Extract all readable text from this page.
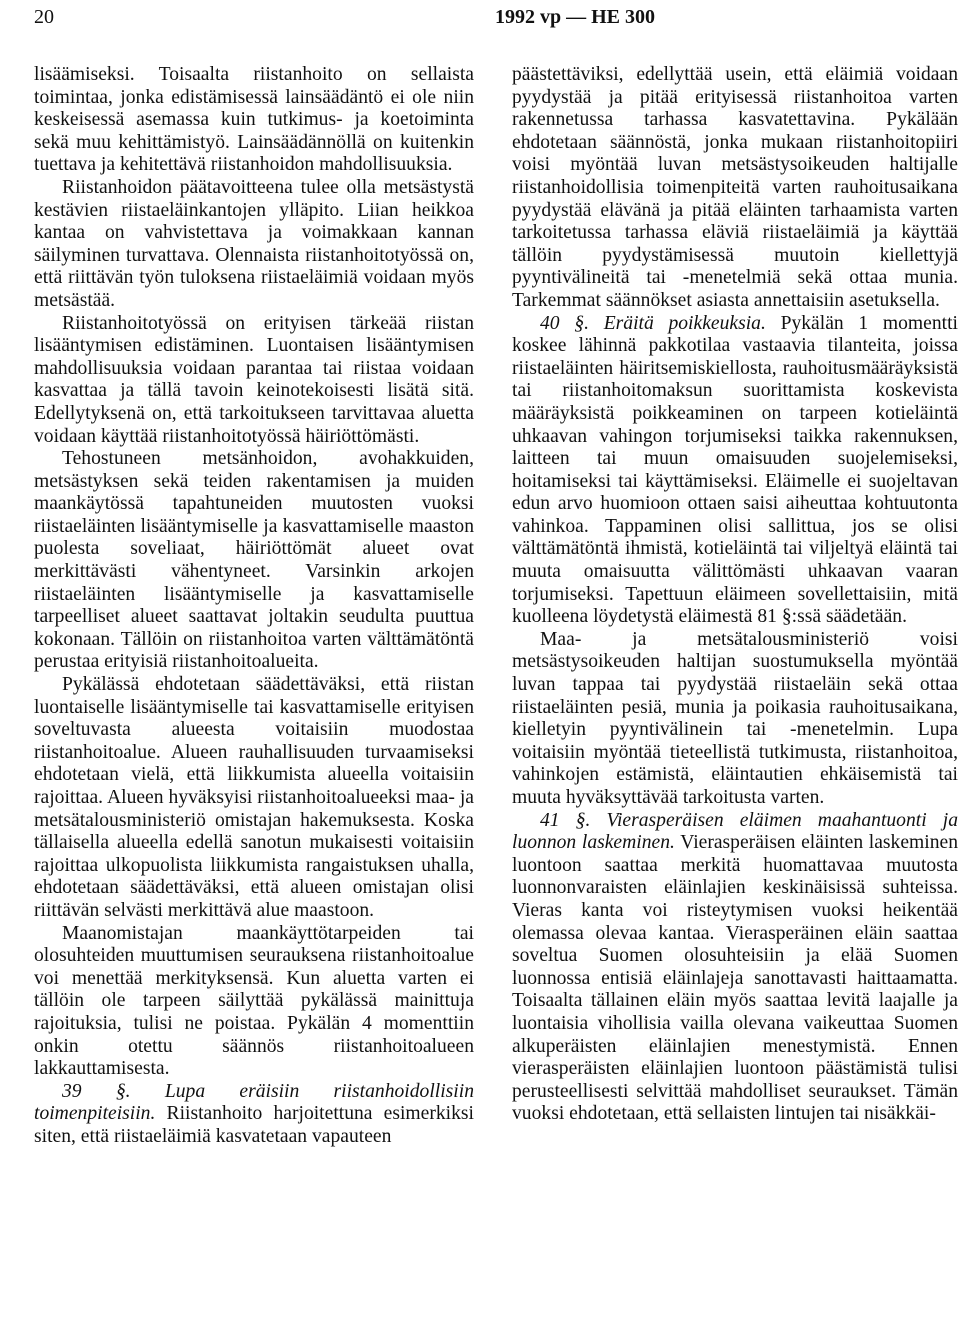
20	1992 vp — HE 300

lisäämiseksi. Toisaalta riistanhoito on sellaista toimintaa, jonka edistämisessä lainsäädäntö ei ole niin keskeisessä asemassa kuin tutkimus- ja koetoiminta sekä muu kehittämistyö. Lainsäädännöllä on kuitenkin tuettava ja kehitettävä riistanhoidon mahdollisuuksia.

Riistanhoidon päätavoitteena tulee olla metsästystä kestävien riistaeläinkantojen ylläpito. Liian heikkoa kantaa on vahvistettava ja voimakkaan kannan säilyminen turvattava. Olennaista riistanhoitotyössä on, että riittävän työn tuloksena riistaeläimiä voidaan myös metsästää.

Riistanhoitotyössä on erityisen tärkeää riistan lisääntymisen edistäminen. Luontaisen lisääntymisen mahdollisuuksia voidaan parantaa tai riistaa voidaan kasvattaa ja tällä tavoin keinotekoisesti lisätä sitä. Edellytyksenä on, että tarkoitukseen tarvittavaa aluetta voidaan käyttää riistanhoitotyössä häiriöttömästi.

Tehostuneen metsänhoidon, avohakkuiden, metsästyksen sekä teiden rakentamisen ja muiden maankäytössä tapahtuneiden muutosten vuoksi riistaeläinten lisääntymiselle ja kasvattamiselle maaston puolesta soveliaat, häiriöttömät alueet ovat merkittävästi vähentyneet. Varsinkin arkojen riistaeläinten lisääntymiselle ja kasvattamiselle tarpeelliset alueet saattavat joltakin seudulta puuttua kokonaan. Tällöin on riistanhoitoa varten välttämätöntä perustaa erityisiä riistanhoitoalueita.

Pykälässä ehdotetaan säädettäväksi, että riistan luontaiselle lisääntymiselle tai kasvattamiselle erityisen soveltuvasta alueesta voitaisiin muodostaa riistanhoitoalue. Alueen rauhallisuuden turvaamiseksi ehdotetaan vielä, että liikkumista alueella voitaisiin rajoittaa. Alueen hyväksyisi riistanhoitoalueeksi maa- ja metsätalousministeriö omistajan hakemuksesta. Koska tällaisella alueella edellä sanotun mukaisesti voitaisiin rajoittaa ulkopuolista liikkumista rangaistuksen uhalla, ehdotetaan säädettäväksi, että alueen omistajan olisi riittävän selvästi merkittävä alue maastoon.

Maanomistajan maankäyttötarpeiden tai olosuhteiden muuttumisen seurauksena riistanhoitoalue voi menettää merkityksensä. Kun aluetta varten ei tällöin ole tarpeen säilyttää pykälässä mainittuja rajoituksia, tulisi ne poistaa. Pykälän 4 momenttiin onkin otettu säännös riistanhoitoalueen lakkauttamisesta.

39 §. Lupa eräisiin riistanhoidollisiin toimenpiteisiin. Riistanhoito harjoitettuna esimerkiksi siten, että riistaeläimiä kasvatetaan vapauteen

päästettäviksi, edellyttää usein, että eläimiä voidaan pyydystää ja pitää erityisessä riistanhoitoa varten rakennetussa tarhassa kasvatettavina. Pykälään ehdotetaan säännöstä, jonka mukaan riistanhoitopiiri voisi myöntää luvan metsästysoikeuden haltijalle riistanhoidollisia toimenpiteitä varten rauhoitusaikana pyydystää elävänä ja pitää eläinten tarhaamista varten tarkoitetussa tarhassa eläviä riistaeläimiä ja käyttää tällöin pyydystämisessä muutoin kiellettyjä pyyntivälineitä tai -menetelmiä sekä ottaa munia. Tarkemmat säännökset asiasta annettaisiin asetuksella.

40 §. Eräitä poikkeuksia. Pykälän 1 momentti koskee lähinnä pakkotilaa vastaavia tilanteita, joissa riistaeläinten häiritsemiskiellosta, rauhoitusmääräyksistä tai riistanhoitomaksun suorittamista koskevista määräyksistä poikkeaminen on tarpeen kotieläintä uhkaavan vahingon torjumiseksi taikka rakennuksen, laitteen tai muun omaisuuden suojelemiseksi, hoitamiseksi tai käyttämiseksi. Eläimelle ei suojeltavan edun arvo huomioon ottaen saisi aiheuttaa kohtuutonta vahinkoa. Tappaminen olisi sallittua, jos se olisi välttämätöntä ihmistä, kotieläintä tai viljeltyä eläintä tai muuta omaisuutta välittömästi uhkaavan vaaran torjumiseksi. Tapettuun eläimeen sovellettaisiin, mitä kuolleena löydetystä eläimestä 81 §:ssä säädetään.

Maa- ja metsätalousministeriö voisi metsästysoikeuden haltijan suostumuksella myöntää luvan tappaa tai pyydystää riistaeläin sekä ottaa riistaeläinten pesiä, munia ja poikasia rauhoitusaikana, kielletyin pyyntivälinein tai -menetelmin. Lupa voitaisiin myöntää tieteellistä tutkimusta, riistanhoitoa, vahinkojen estämistä, eläintautien ehkäisemistä tai muuta hyväksyttävää tarkoitusta varten.

41 §. Vierasperäisen eläimen maahantuonti ja luonnon laskeminen. Vierasperäisen eläinten laskeminen luontoon saattaa merkitä huomattavaa muutosta luonnonvaraisten eläinlajien keskinäisissä suhteissa. Vieras kanta voi risteytymisen vuoksi heikentää olemassa olevaa kantaa. Vierasperäinen eläin saattaa soveltua Suomen olosuhteisiin ja elää Suomen luonnossa entisiä eläinlajeja sanottavasti haittaamatta. Toisaalta tällainen eläin myös saattaa levitä laajalle ja luontaisia vihollisia vailla olevana vaikeuttaa Suomen alkuperäisten eläinlajien menestymistä. Ennen vierasperäisten eläinlajien luontoon päästämistä tulisi perusteellisesti selvittää mahdolliset seuraukset. Tämän vuoksi ehdotetaan, että sellaisten lintujen tai nisäkkäi-
